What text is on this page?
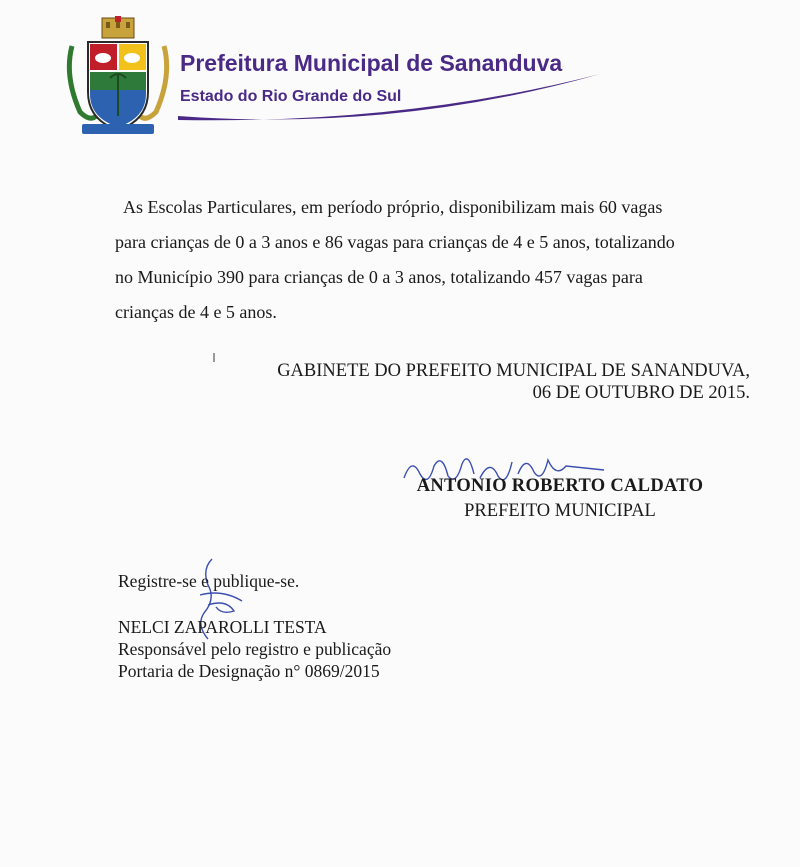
Prefeitura Municipal de Sananduva
Estado do Rio Grande do Sul

As Escolas Particulares, em período próprio, disponibilizam mais 60 vagas
para crianças de 0 a 3 anos e 86 vagas para crianças de 4 e 5 anos, totalizando
no Município 390 para crianças de 0 a 3 anos, totalizando 457 vagas para
crianças de 4 e 5 anos.

GABINETE DO PREFEITO MUNICIPAL DE SANANDUVA,
06 DE OUTUBRO DE 2015.
ANTONIO ROBERTO CALDATO
PREFEITO MUNICIPAL
Registre-se e publique-se.
NELCI ZAPAROLLI TESTA
Responsável pelo registro e publicação
Portaria de Designação n° 0869/2015
